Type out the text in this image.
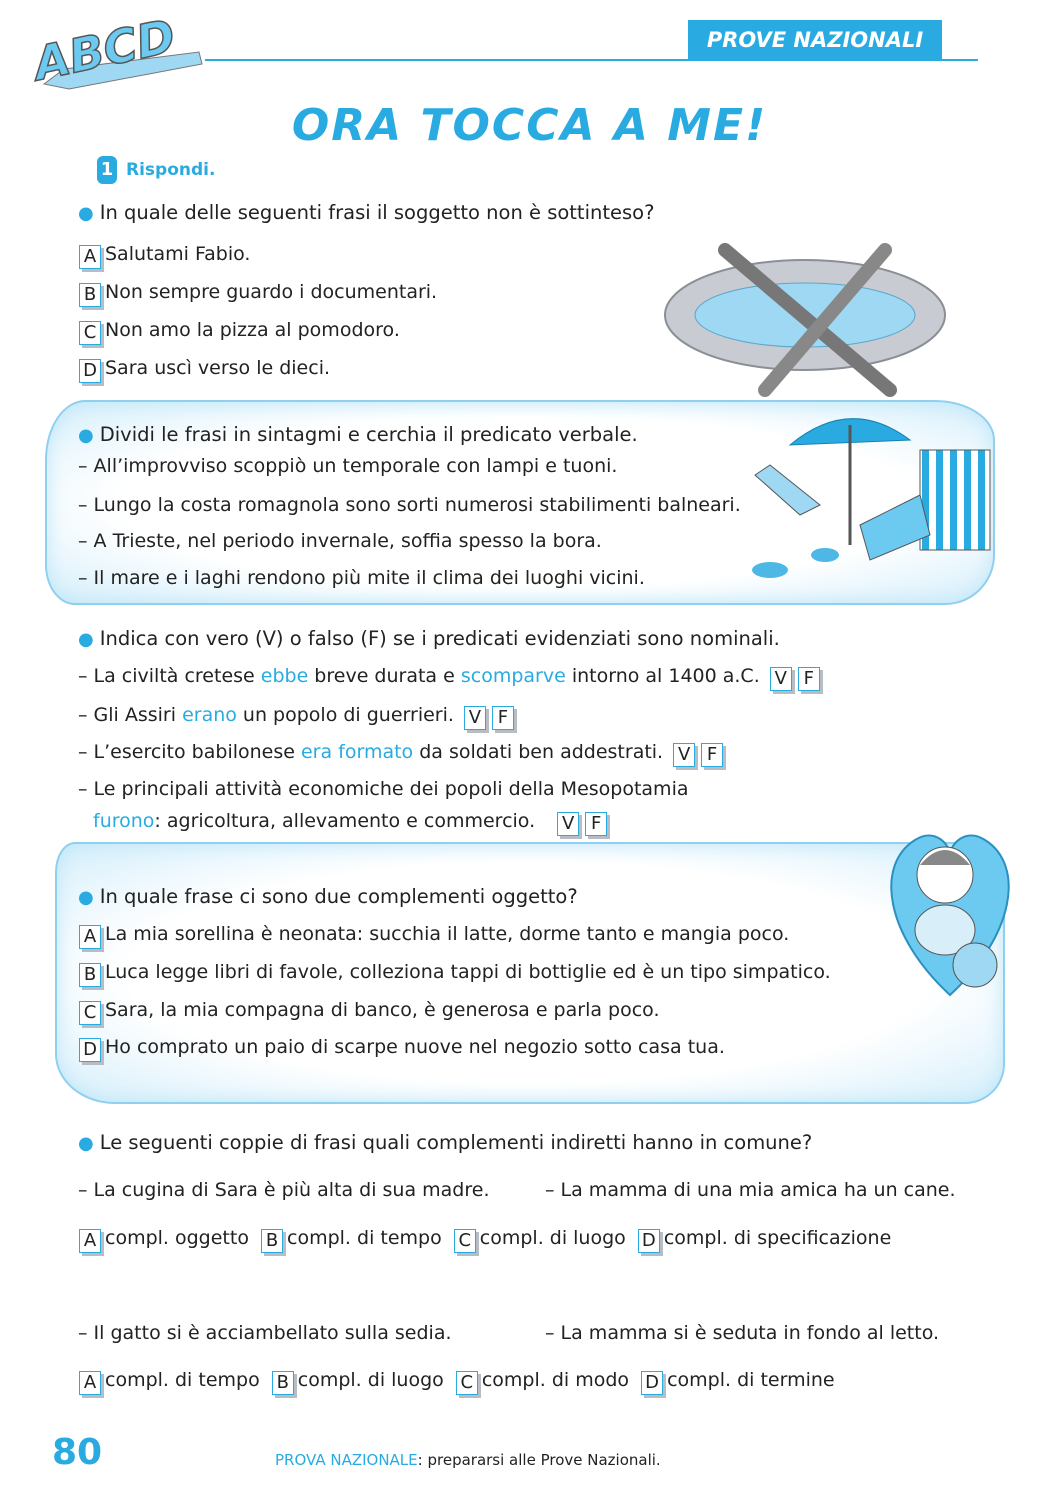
ABCD	PROVE NAZIONALI
ORA TOCCA A ME!
1 Rispondi.
● In quale delle seguenti frasi il soggetto non è sottinteso?
A Salutami Fabio.
B Non sempre guardo i documentari.
C Non amo la pizza al pomodoro.
D Sara uscì verso le dieci.
● Dividi le frasi in sintagmi e cerchia il predicato verbale.
– All’improvviso scoppiò un temporale con lampi e tuoni.
– Lungo la costa romagnola sono sorti numerosi stabilimenti balneari.
– A Trieste, nel periodo invernale, soffia spesso la bora.
– Il mare e i laghi rendono più mite il clima dei luoghi vicini.
● Indica con vero (V) o falso (F) se i predicati evidenziati sono nominali.
– La civiltà cretese ebbe breve durata e scomparve intorno al 1400 a.C. V F
– Gli Assiri erano un popolo di guerrieri. V F
– L’esercito babilonese era formato da soldati ben addestrati. V F
– Le principali attività economiche dei popoli della Mesopotamia
furono: agricoltura, allevamento e commercio. V F
● In quale frase ci sono due complementi oggetto?
A La mia sorellina è neonata: succhia il latte, dorme tanto e mangia poco.
B Luca legge libri di favole, colleziona tappi di bottiglie ed è un tipo simpatico.
C Sara, la mia compagna di banco, è generosa e parla poco.
D Ho comprato un paio di scarpe nuove nel negozio sotto casa tua.
● Le seguenti coppie di frasi quali complementi indiretti hanno in comune?
– La cugina di Sara è più alta di sua madre.	– La mamma di una mia amica ha un cane.
A compl. oggetto B compl. di tempo C compl. di luogo D compl. di specificazione
– Il gatto si è acciambellato sulla sedia.	– La mamma si è seduta in fondo al letto.
A compl. di tempo B compl. di luogo C compl. di modo D compl. di termine
80	PROVA NAZIONALE: prepararsi alle Prove Nazionali.
